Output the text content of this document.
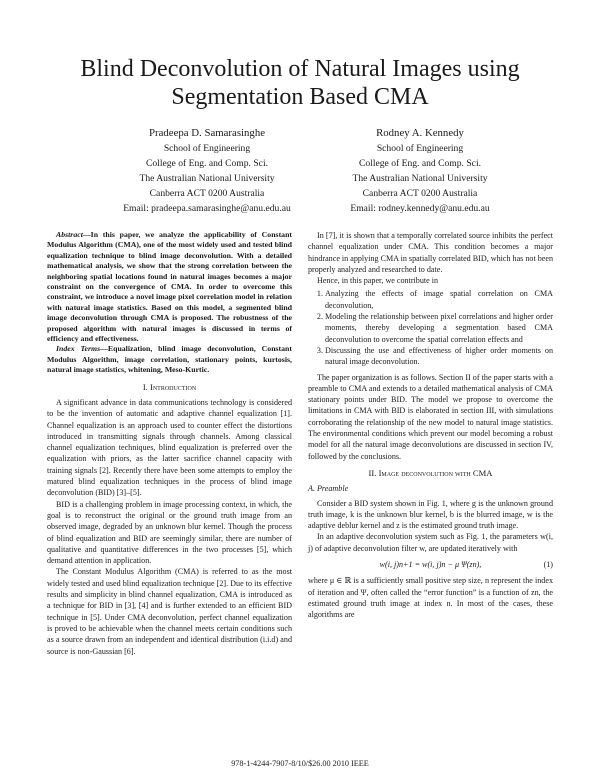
Blind Deconvolution of Natural Images using
Segmentation Based CMA
Pradeepa D. Samarasinghe
School of Engineering
College of Eng. and Comp. Sci.
The Australian National University
Canberra ACT 0200 Australia
Email: pradeepa.samarasinghe@anu.edu.au
Rodney A. Kennedy
School of Engineering
College of Eng. and Comp. Sci.
The Australian National University
Canberra ACT 0200 Australia
Email: rodney.kennedy@anu.edu.au

Abstract—In this paper, we analyze the applicability of Constant Modulus Algorithm (CMA), one of the most widely used and tested blind equalization technique to blind image deconvolution. With a detailed mathematical analysis, we show that the strong correlation between the neighboring spatial locations found in natural images becomes a major constraint on the convergence of CMA. In order to overcome this constraint, we introduce a novel image pixel correlation model in relation with natural image statistics. Based on this model, a segmented blind image deconvolution through CMA is proposed. The robustness of the proposed algorithm with natural images is discussed in terms of efficiency and effectiveness.

Index Terms—Equalization, blind image deconvolution, Constant Modulus Algorithm, image correlation, stationary points, kurtosis, natural image statistics, whitening, Meso-Kurtic.

I. Introduction

A significant advance in data communications technology is considered to be the invention of automatic and adaptive channel equalization [1]. Channel equalization is an approach used to counter effect the distortions introduced in transmitting signals through channels. Among classical channel equalization techniques, blind equalization is preferred over the equalization with priors, as the latter sacrifice channel capacity with training signals [2]. Recently there have been some attempts to employ the matured blind equalization techniques in the process of blind image deconvolution (BID) [3]–[5].

BID is a challenging problem in image processing context, in which, the goal is to reconstruct the original or the ground truth image from an observed image, degraded by an unknown blur kernel. Though the process of blind equalization and BID are seemingly similar, there are number of qualitative and quantitative differences in the two processes [5], which demand attention in application.

The Constant Modulus Algorithm (CMA) is referred to as the most widely tested and used blind equalization technique [2]. Due to its effective results and simplicity in blind channel equalization, CMA is introduced as a technique for BID in [3], [4] and is further extended to an efficient BID technique in [5]. Under CMA deconvolution, perfect channel equalization is proved to be achievable when the channel meets certain conditions such as a source drawn from an independent and identical distribution (i.i.d) and source is non-Gaussian [6].

In [7], it is shown that a temporally correlated source inhibits the perfect channel equalization under CMA. This condition becomes a major hindrance in applying CMA in spatially correlated BID, which has not been properly analyzed and researched to date.

Hence, in this paper, we contribute in

1. Analyzing the effects of image spatial correlation on CMA deconvolution,
2. Modeling the relationship between pixel correlations and higher order moments, thereby developing a segmentation based CMA deconvolution to overcome the spatial correlation effects and
3. Discussing the use and effectiveness of higher order moments on natural image deconvolution.

The paper organization is as follows. Section II of the paper starts with a preamble to CMA and extends to a detailed mathematical analysis of CMA stationary points under BID. The model we propose to overcome the limitations in CMA with BID is elaborated in section III, with simulations corroborating the relationship of the new model to natural image statistics. The environmental conditions which prevent our model becoming a robust model for all the natural image deconvolutions are discussed in section IV, followed by the conclusions.

II. Image deconvolution with CMA
A. Preamble

Consider a BID system shown in Fig. 1, where g is the unknown ground truth image, k is the unknown blur kernel, b is the blurred image, w is the adaptive deblur kernel and z is the estimated ground truth image.

In an adaptive deconvolution system such as Fig. 1, the parameters w(i, j) of adaptive deconvolution filter w, are updated iteratively with

w(i, j)n+1 = w(i, j)n − μ Ψ(zn),	(1)

where μ ∈ ℝ is a sufficiently small positive step size, n represent the index of iteration and Ψ, often called the “error function” is a function of zn, the estimated ground truth image at index n. In most of the cases, these algorithms are

978-1-4244-7907-8/10/$26.00 2010 IEEE
